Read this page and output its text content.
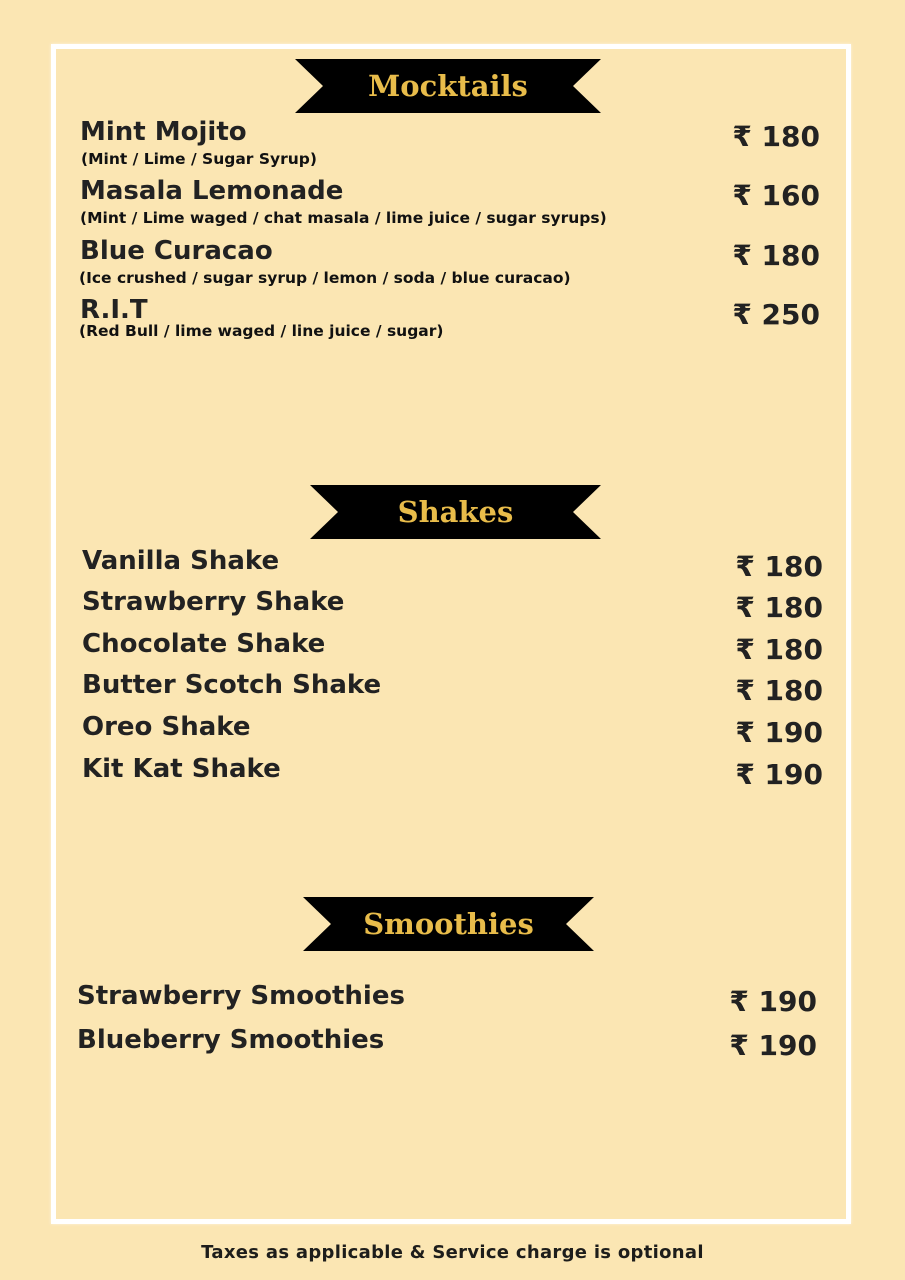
Mocktails
Mint Mojito
(Mint / Lime / Sugar Syrup)
₹ 180
Masala Lemonade
(Mint / Lime waged / chat masala / lime juice / sugar syrups)
₹ 160
Blue Curacao
(Ice crushed / sugar syrup / lemon / soda / blue curacao)
₹ 180
R.I.T
(Red Bull / lime waged / line juice / sugar)	₹ 250
Shakes
Vanilla Shake	₹ 180
Strawberry Shake	₹ 180
Chocolate Shake	₹ 180
Butter Scotch Shake	₹ 180
Oreo Shake	₹ 190
Kit Kat Shake	₹ 190
Smoothies
Strawberry Smoothies	₹ 190
Blueberry Smoothies	₹ 190
Taxes as applicable & Service charge is optional
